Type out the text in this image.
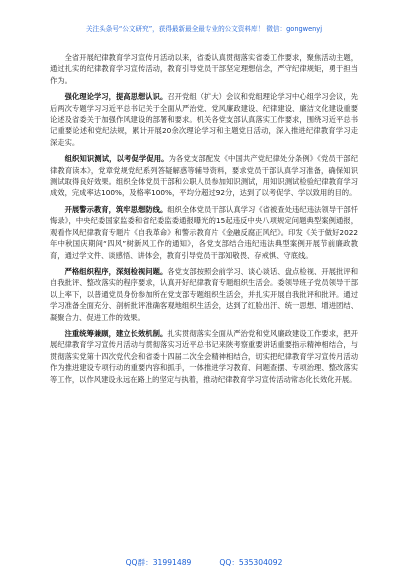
关注头条号“公文研究”，获得最新最全最专业的公文资料库！ 微信：gongwenyj

全省开展纪律教育学习宣传月活动以来，省委认真贯彻落实省委工作要求，聚焦活动主题，通过扎实的纪律教育学习宣传活动，教育引导党员干部坚定理想信念，严守纪律规矩，勇于担当作为。

强化理论学习，提高思想认识。召开党组（扩大）会议和党组理论学习中心组学习会议，先后两次专题学习习近平总书记关于全面从严治党、党风廉政建设、纪律建设、廉洁文化建设重要论述及省委关于加强作风建设的部署和要求。机关各党支部认真落实工作要求，围绕习近平总书记重要论述和党纪法规，累计开展20余次理论学习和主题党日活动，深入推进纪律教育学习走深走实。

组织知识测试，以考促学促用。为各党支部配发《中国共产党纪律处分条例》《党员干部纪律教育读本》，党章党规党纪系列答疑解惑等辅导资料，要求党员干部认真学习准备，确保知识测试取得良好效果。组织全体党员干部和公职人员参加知识测试，用知识测试检验纪律教育学习成效，完成率达100%，及格率100%，平均分超过92分，达到了以考促学、学以致用的目的。

开展警示教育，筑牢思想防线。组织全体党员干部认真学习《省被查处违纪违法领导干部忏悔录》，中央纪委国家监委和省纪委监委通报曝光的15起违反中央八项规定问题典型案例通报，观看作风纪律教育专题片《自我革命》和警示教育片《金融反腐正风纪》。印发《关于做好2022年中秋国庆期间“四风”树新风工作的通知》，各党支部结合违纪违法典型案例开展节前廉政教育，通过学文件、谈感悟、讲体会，教育引导党员干部知敬畏、存戒惧、守底线。

严格组织程序，深刻检视问题。各党支部按照会前学习、谈心谈话、盘点检视、开展批评和自我批评、整改落实的程序要求，认真开好纪律教育专题组织生活会。委领导班子党员领导干部以上率下，以普通党员身份参加所在党支部专题组织生活会，并扎实开展自我批评和批评。通过学习准备全面充分、剖析批评准确客观地组织生活会，达到了红脸出汗、统一思想、增进团结、凝聚合力、促进工作的效果。

注重统筹兼顾，建立长效机制。扎实贯彻落实全面从严治党和党风廉政建设工作要求，把开展纪律教育学习宣传月活动与贯彻落实习近平总书记来陕考察重要讲话重要指示精神相结合，与贯彻落实党第十四次党代会和省委十四届二次全会精神相结合，切实把纪律教育学习宣传月活动作为推进建设专项行动的重要内容和抓手，一体推进学习教育、问题查摆、专项治理、整改落实等工作，以作风建设永远在路上的坚定与执着，推动纪律教育学习宣传活动常态化长效化开展。

QQ群：31991489	QQ：535304092
